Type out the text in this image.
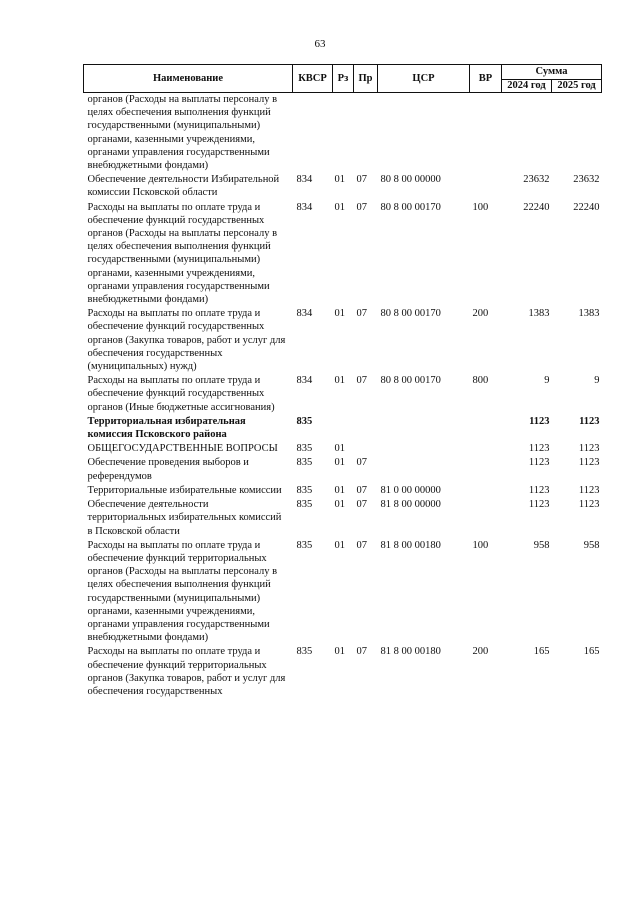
63
Наименование	КВСР	Рз	Пр	ЦСР	ВР	Сумма	
						2024 год	2025 год
органов (Расходы на выплаты персоналу в целях обеспечения выполнения функций государственными (муниципальными) органами, казенными учреждениями, органами управления государственными внебюджетными фондами)							
Обеспечение деятельности Избирательной комиссии Псковской области	834	01	07	80 8 00 00000		23632	23632
Расходы на выплаты по оплате труда и обеспечение функций государственных органов (Расходы на выплаты персоналу в целях обеспечения выполнения функций государственными (муниципальными) органами, казенными учреждениями, органами управления государственными внебюджетными фондами)	834	01	07	80 8 00 00170	100	22240	22240
Расходы на выплаты по оплате труда и обеспечение функций государственных органов (Закупка товаров, работ и услуг для обеспечения государственных (муниципальных) нужд)	834	01	07	80 8 00 00170	200	1383	1383
Расходы на выплаты по оплате труда и обеспечение функций государственных органов (Иные бюджетные ассигнования)	834	01	07	80 8 00 00170	800	9	9
Территориальная избирательная комиссия Псковского района	835					1123	1123
ОБЩЕГОСУДАРСТВЕННЫЕ ВОПРОСЫ	835	01				1123	1123
Обеспечение проведения выборов и референдумов	835	01	07			1123	1123
Территориальные избирательные комиссии	835	01	07	81 0 00 00000		1123	1123
Обеспечение деятельности территориальных избирательных комиссий в Псковской области	835	01	07	81 8 00 00000		1123	1123
Расходы на выплаты по оплате труда и обеспечение функций территориальных органов (Расходы на выплаты персоналу в целях обеспечения выполнения функций государственными (муниципальными) органами, казенными учреждениями, органами управления государственными внебюджетными фондами)	835	01	07	81 8 00 00180	100	958	958
Расходы на выплаты по оплате труда и обеспечение функций территориальных органов (Закупка товаров, работ и услуг для обеспечения государственных	835	01	07	81 8 00 00180	200	165	165
